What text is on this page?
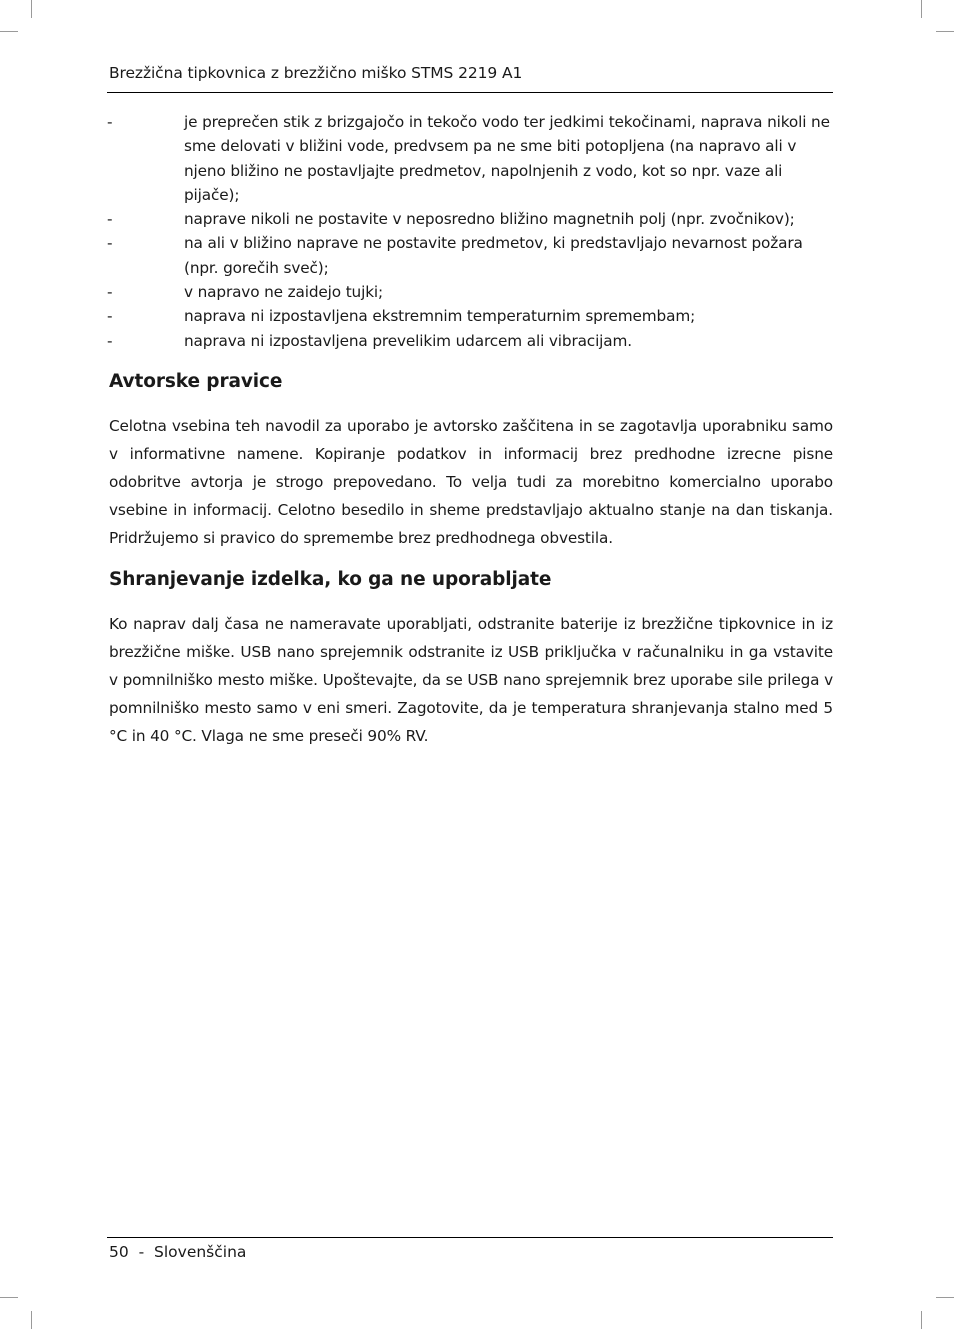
Brezžična tipkovnica z brezžično miško STMS 2219 A1
-	je preprečen stik z brizgajočo in tekočo vodo ter jedkimi tekočinami, naprava nikoli ne sme delovati v bližini vode, predvsem pa ne sme biti potopljena (na napravo ali v njeno bližino ne postavljajte predmetov, napolnjenih z vodo, kot so npr. vaze ali pijače);
-	naprave nikoli ne postavite v neposredno bližino magnetnih polj (npr. zvočnikov);
-	na ali v bližino naprave ne postavite predmetov, ki predstavljajo nevarnost požara (npr. gorečih sveč);
-	v napravo ne zaidejo tujki;
-	naprava ni izpostavljena ekstremnim temperaturnim spremembam;
-	naprava ni izpostavljena prevelikim udarcem ali vibracijam.
Avtorske pravice

Celotna vsebina teh navodil za uporabo je avtorsko zaščitena in se zagotavlja uporabniku samo v informativne namene. Kopiranje podatkov in informacij brez predhodne izrecne pisne odobritve avtorja je strogo prepovedano. To velja tudi za morebitno komercialno uporabo vsebine in informacij. Celotno besedilo in sheme predstavljajo aktualno stanje na dan tiskanja. Pridržujemo si pravico do spremembe brez predhodnega obvestila.

Shranjevanje izdelka, ko ga ne uporabljate

Ko naprav dalj časa ne nameravate uporabljati, odstranite baterije iz brezžične tipkovnice in iz brezžične miške. USB nano sprejemnik odstranite iz USB priključka v računalniku in ga vstavite v pomnilniško mesto miške. Upoštevajte, da se USB nano sprejemnik brez uporabe sile prilega v pomnilniško mesto samo v eni smeri. Zagotovite, da je temperatura shranjevanja stalno med 5 °C in 40 °C. Vlaga ne sme preseči 90% RV.

50  -  Slovenščina
